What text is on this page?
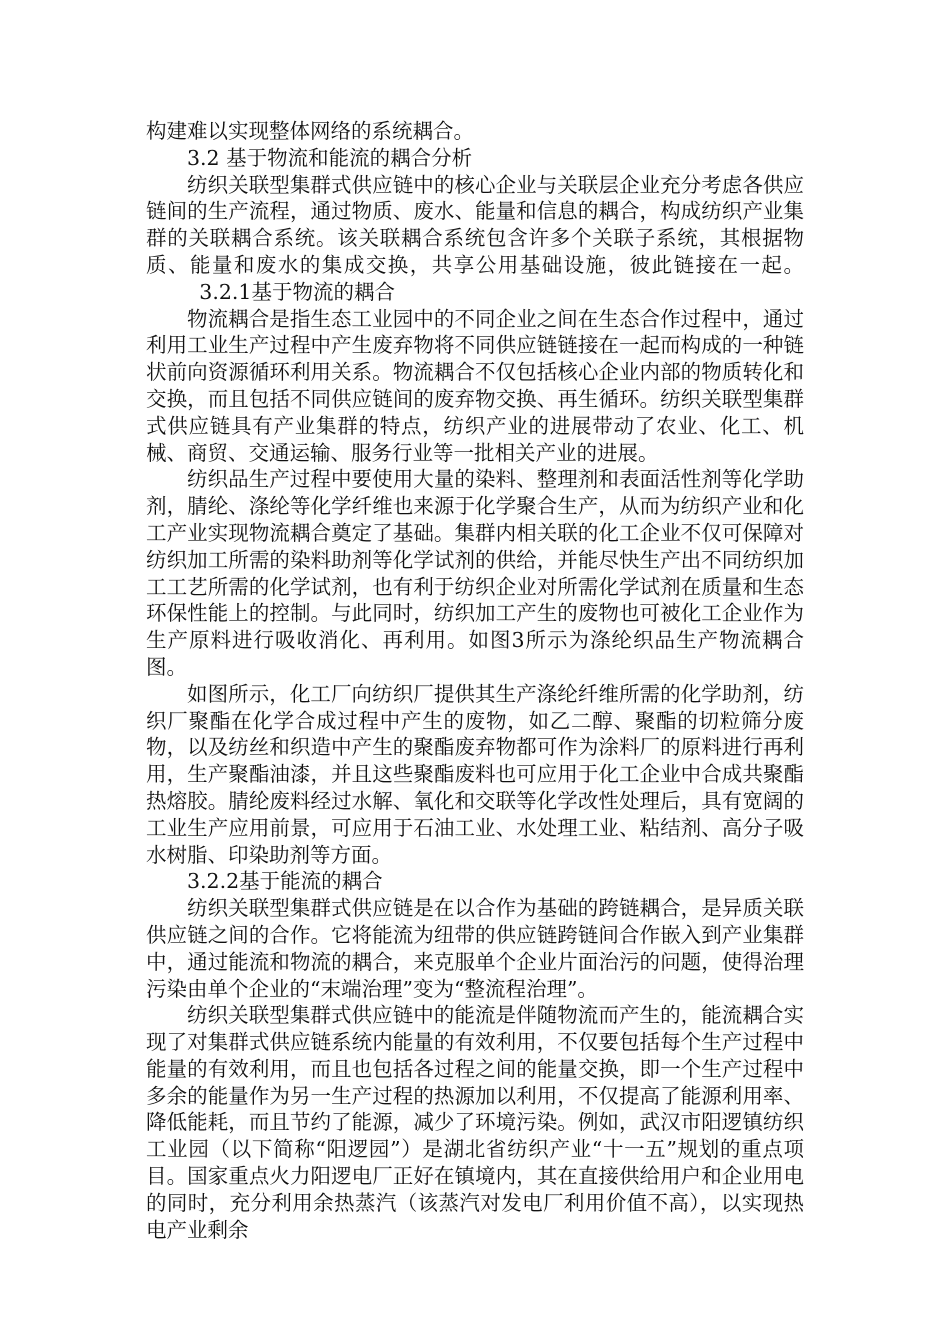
构建难以实现整体网络的系统耦合。

3.2 基于物流和能流的耦合分析

纺织关联型集群式供应链中的核心企业与关联层企业充分考虑各供应链间的生产流程，通过物质、废水、能量和信息的耦合，构成纺织产业集群的关联耦合系统。该关联耦合系统包含许多个关联子系统，其根据物质、能量和废水的集成交换，共享公用基础设施，彼此链接在一起。3.2.1基于物流的耦合

物流耦合是指生态工业园中的不同企业之间在生态合作过程中，通过利用工业生产过程中产生废弃物将不同供应链链接在一起而构成的一种链状前向资源循环利用关系。物流耦合不仅包括核心企业内部的物质转化和交换，而且包括不同供应链间的废弃物交换、再生循环。纺织关联型集群式供应链具有产业集群的特点，纺织产业的进展带动了农业、化工、机械、商贸、交通运输、服务行业等一批相关产业的进展。

纺织品生产过程中要使用大量的染料、整理剂和表面活性剂等化学助剂，腈纶、涤纶等化学纤维也来源于化学聚合生产，从而为纺织产业和化工产业实现物流耦合奠定了基础。集群内相关联的化工企业不仅可保障对纺织加工所需的染料助剂等化学试剂的供给，并能尽快生产出不同纺织加工工艺所需的化学试剂，也有利于纺织企业对所需化学试剂在质量和生态环保性能上的控制。与此同时，纺织加工产生的废物也可被化工企业作为生产原料进行吸收消化、再利用。如图3所示为涤纶织品生产物流耦合图。

如图所示，化工厂向纺织厂提供其生产涤纶纤维所需的化学助剂，纺织厂聚酯在化学合成过程中产生的废物，如乙二醇、聚酯的切粒筛分废物，以及纺丝和织造中产生的聚酯废弃物都可作为涂料厂的原料进行再利用，生产聚酯油漆，并且这些聚酯废料也可应用于化工企业中合成共聚酯热熔胶。腈纶废料经过水解、氧化和交联等化学改性处理后，具有宽阔的工业生产应用前景，可应用于石油工业、水处理工业、粘结剂、高分子吸水树脂、印染助剂等方面。

3.2.2基于能流的耦合

纺织关联型集群式供应链是在以合作为基础的跨链耦合，是异质关联供应链之间的合作。它将能流为纽带的供应链跨链间合作嵌入到产业集群中，通过能流和物流的耦合，来克服单个企业片面治污的问题，使得治理污染由单个企业的“末端治理”变为“整流程治理”。

纺织关联型集群式供应链中的能流是伴随物流而产生的，能流耦合实现了对集群式供应链系统内能量的有效利用，不仅要包括每个生产过程中能量的有效利用，而且也包括各过程之间的能量交换，即一个生产过程中多余的能量作为另一生产过程的热源加以利用，不仅提高了能源利用率、降低能耗，而且节约了能源，减少了环境污染。例如，武汉市阳逻镇纺织工业园（以下简称“阳逻园”）是湖北省纺织产业“十一五”规划的重点项目。国家重点火力阳逻电厂正好在镇境内，其在直接供给用户和企业用电的同时，充分利用余热蒸汽（该蒸汽对发电厂利用价值不高），以实现热电产业剩余
